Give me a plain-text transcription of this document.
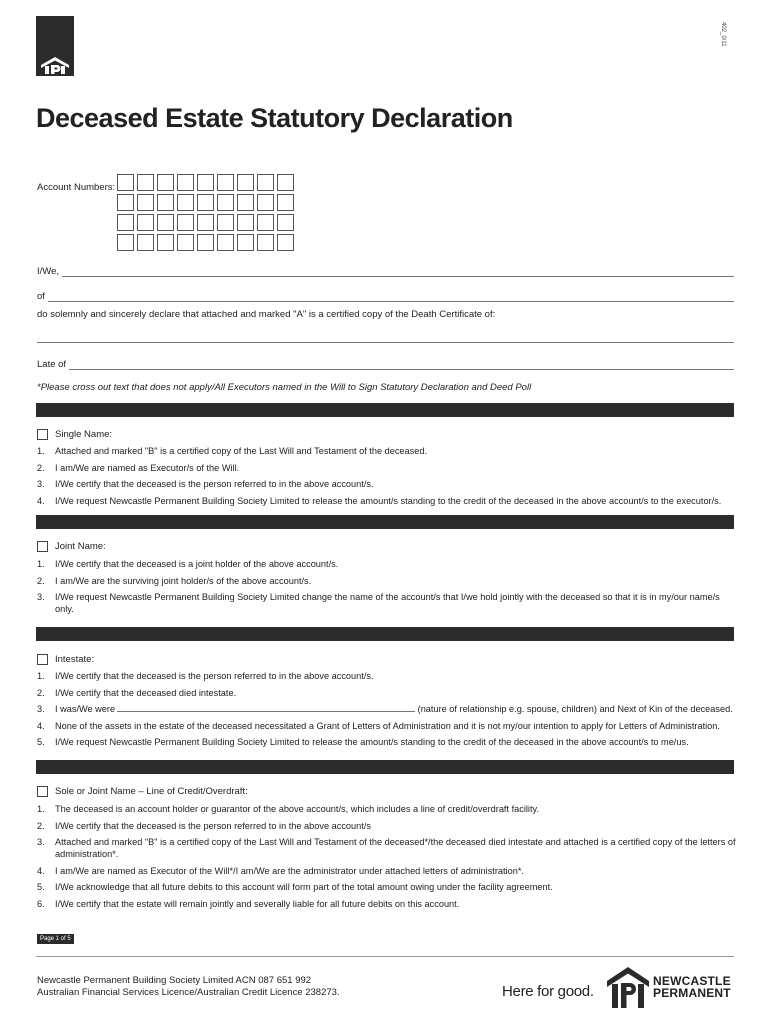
402_0/11
Deceased Estate Statutory Declaration
Account Numbers:
I/We,
of
do solemnly and sincerely declare that attached and marked "A" is a certified copy of the Death Certificate of:
Late of
*Please cross out text that does not apply/All Executors named in the Will to Sign Statutory Declaration and Deed Poll
Single Name:
1.	Attached and marked "B" is a certified copy of the Last Will and Testament of the deceased.
2.	I am/We are named as Executor/s of the Will.
3.	I/We certify that the deceased is the person referred to in the above account/s.
4.	I/We request Newcastle Permanent Building Society Limited to release the amount/s standing to the credit of the deceased in the above account/s to the executor/s.
Joint Name:
1.	I/We certify that the deceased is a joint holder of the above account/s.
2.	I am/We are the surviving joint holder/s of the above account/s.
3.	I/We request Newcastle Permanent Building Society Limited change the name of the account/s that I/we hold jointly with the deceased so that it is in my/our name/s only.
Intestate:
1.	I/We certify that the deceased is the person referred to in the above account/s.
2.	I/We certify that the deceased died intestate.
3.	I was/We were	(nature of relationship e.g. spouse, children) and Next of Kin of the deceased.
4.	None of the assets in the estate of the deceased necessitated a Grant of Letters of Administration and it is not my/our intention to apply for Letters of Administration.
5.	I/We request Newcastle Permanent Building Society Limited to release the amount/s standing to the credit of the deceased in the above account/s to me/us.
Sole or Joint Name – Line of Credit/Overdraft:
1.	The deceased is an account holder or guarantor of the above account/s, which includes a line of credit/overdraft facility.
2.	I/We certify that the deceased is the person referred to in the above account/s
3.	Attached and marked "B" is a certified copy of the Last Will and Testament of the deceased*/the deceased died intestate and attached is a certified copy of the letters of administration*.
4.	I am/We are named as Executor of the Will*/I am/We are the administrator under attached letters of administration*.
5.	I/We acknowledge that all future debits to this account will form part of the total amount owing under the facility agreement.
6.	I/We certify that the estate will remain jointly and severally liable for all future debits on this account.
Page 1 of 5
Newcastle Permanent Building Society Limited ACN 087 651 992
Australian Financial Services Licence/Australian Credit Licence 238273.	Here for good.
NEWCASTLE
PERMANENT
